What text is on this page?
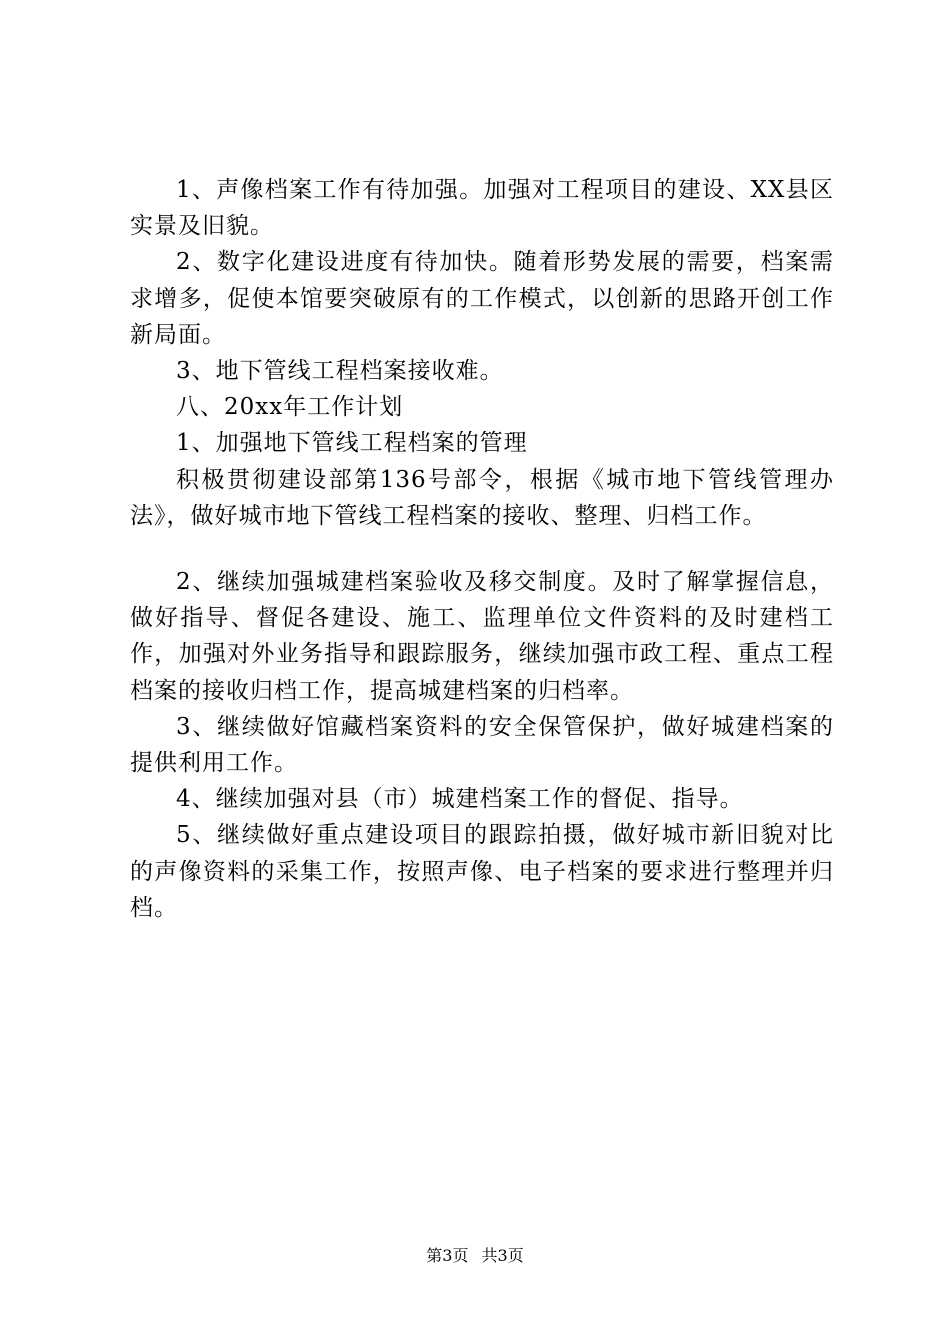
1、声像档案工作有待加强。加强对工程项目的建设、XX县区实景及旧貌。

2、数字化建设进度有待加快。随着形势发展的需要，档案需求增多，促使本馆要突破原有的工作模式，以创新的思路开创工作新局面。

3、地下管线工程档案接收难。

八、20xx年工作计划

1、加强地下管线工程档案的管理

积极贯彻建设部第136号部令，根据《城市地下管线管理办法》，做好城市地下管线工程档案的接收、整理、归档工作。

2、继续加强城建档案验收及移交制度。及时了解掌握信息，做好指导、督促各建设、施工、监理单位文件资料的及时建档工作，加强对外业务指导和跟踪服务，继续加强市政工程、重点工程档案的接收归档工作，提高城建档案的归档率。

3、继续做好馆藏档案资料的安全保管保护，做好城建档案的提供利用工作。

4、继续加强对县（市）城建档案工作的督促、指导。

5、继续做好重点建设项目的跟踪拍摄，做好城市新旧貌对比的声像资料的采集工作，按照声像、电子档案的要求进行整理并归档。

第3页 共3页
